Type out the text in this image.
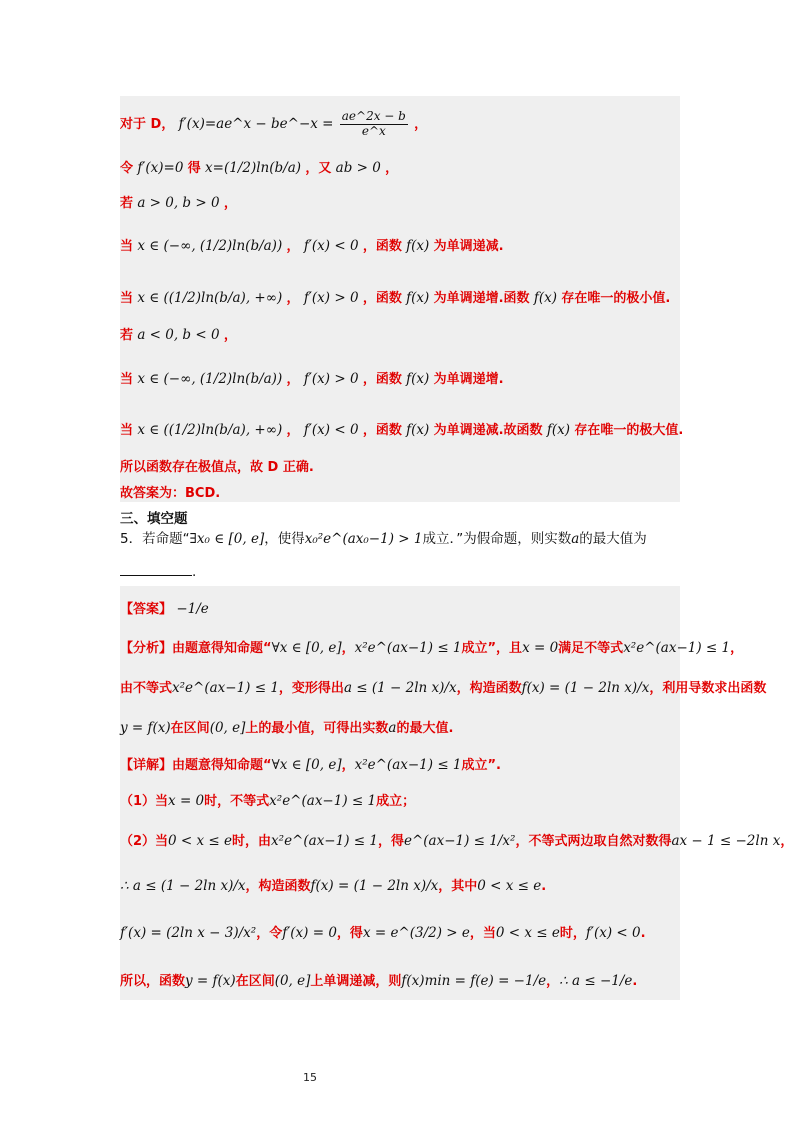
对于 D， f′(x)=ae^x − be^−x = $\frac{ae\^{}2x - b}{e\^{}x}$ ，
令 f′(x)=0 得 x=(1/2)ln(b/a) ，又 ab > 0 ，
若 a > 0, b > 0 ，
当 x ∈ (−∞, (1/2)ln(b/a)) ， f′(x) < 0 ，函数 f(x) 为单调递减.
当 x ∈ ((1/2)ln(b/a), +∞) ， f′(x) > 0 ，函数 f(x) 为单调递增.函数 f(x) 存在唯一的极小值.
若 a < 0, b < 0 ，
当 x ∈ (−∞, (1/2)ln(b/a)) ， f′(x) > 0 ，函数 f(x) 为单调递增.
当 x ∈ ((1/2)ln(b/a), +∞) ， f′(x) < 0 ，函数 f(x) 为单调递减.故函数 f(x) 存在唯一的极大值.
所以函数存在极值点，故 D 正确.
故答案为：BCD.
三、填空题
5．若命题“∃x₀ ∈ [0, e]，使得x₀²e^(ax₀−1) > 1成立．”为假命题，则实数a的最大值为
.
【答案】 −1/e
【分析】由题意得知命题“∀x ∈ [0, e]，x²e^(ax−1) ≤ 1成立”，且x = 0满足不等式x²e^(ax−1) ≤ 1，
由不等式x²e^(ax−1) ≤ 1，变形得出a ≤ (1 − 2ln x)/x，构造函数f(x) = (1 − 2ln x)/x，利用导数求出函数
y = f(x)在区间(0, e]上的最小值，可得出实数a的最大值.
【详解】由题意得知命题“∀x ∈ [0, e]，x²e^(ax−1) ≤ 1成立”.
（1）当x = 0时，不等式x²e^(ax−1) ≤ 1成立；
（2）当0 < x ≤ e时，由x²e^(ax−1) ≤ 1，得e^(ax−1) ≤ 1/x²，不等式两边取自然对数得ax − 1 ≤ −2ln x，
∴ a ≤ (1 − 2ln x)/x，构造函数f(x) = (1 − 2ln x)/x，其中0 < x ≤ e.
f′(x) = (2ln x − 3)/x²，令f′(x) = 0，得x = e^(3/2) > e，当0 < x ≤ e时，f′(x) < 0.
所以，函数y = f(x)在区间(0, e]上单调递减，则f(x)min = f(e) = −1/e，∴ a ≤ −1/e.
15
